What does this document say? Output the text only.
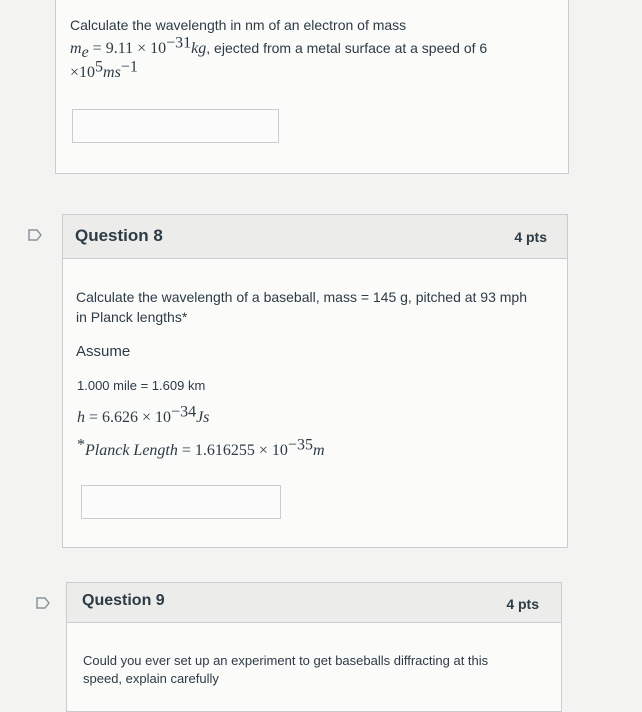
Calculate the wavelength in nm of an electron of mass
$m_e = 9.11 \times 10^{-31}kg$, ejected from a metal surface at a speed of 6
$\times 10^5ms^{-1}$
Question 8	4 pts
Calculate the wavelength of a baseball, mass = 145 g, pitched at 93 mph
in Planck lengths*
Assume
1.000 mile = 1.609 km
$h = 6.626 \times 10^{-34}Js$
*Planck Length = $1.616255 \times 10^{-35}m$
Question 9	4 pts
Could you ever set up an experiment to get baseballs diffracting at this
speed, explain carefully
